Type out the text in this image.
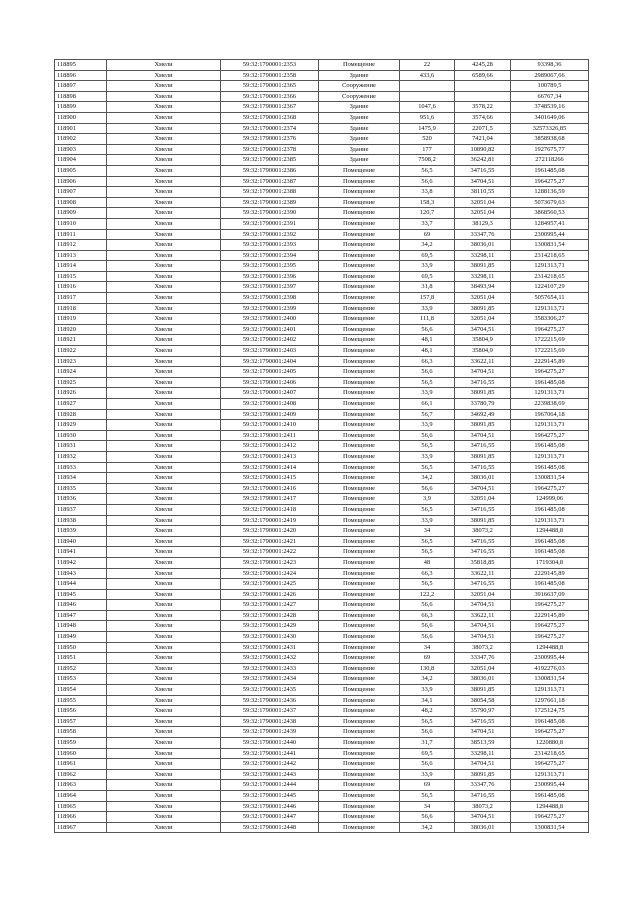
118895	Хмели	59:32:1790001:2353	Помещение	22	4245,28	93398,36
118896	Хмели	59:32:1790001:2358	Здание	433,6	6589,66	2989067,66
118897	Хмели	59:32:1790001:2365	Сооружение			100789,5
118898	Хмели	59:32:1790001:2366	Сооружение			66767,34
118899	Хмели	59:32:1790001:2367	Здание	1047,6	3578,22	3748539,16
118900	Хмели	59:32:1790001:2368	Здание	951,6	3574,66	3401649,06
118901	Хмели	59:32:1790001:2374	Здание	1475,9	22071,5	32573326,85
118902	Хмели	59:32:1790001:2376	Здание	520	7421,04	3858938,68
118903	Хмели	59:32:1790001:2378	Здание	177	10890,82	1927675,77
118904	Хмели	59:32:1790001:2385	Здание	7508,2	36242,81	272118266
118905	Хмели	59:32:1790001:2386	Помещение	56,5	34716,55	1961485,08
118906	Хмели	59:32:1790001:2387	Помещение	56,6	34704,51	1964275,27
118907	Хмели	59:32:1790001:2388	Помещение	33,8	38110,55	1288136,59
118908	Хмели	59:32:1790001:2389	Помещение	158,3	32051,04	5073679,63
118909	Хмели	59:32:1790001:2390	Помещение	120,7	32051,04	3868560,53
118910	Хмели	59:32:1790001:2391	Помещение	33,7	38129,3	1284957,41
118911	Хмели	59:32:1790001:2392	Помещение	69	33347,76	2300995,44
118912	Хмели	59:32:1790001:2393	Помещение	34,2	38036,01	1300831,54
118913	Хмели	59:32:1790001:2394	Помещение	69,5	33298,11	2314218,65
118914	Хмели	59:32:1790001:2395	Помещение	33,9	38091,85	1291313,71
118915	Хмели	59:32:1790001:2396	Помещение	69,5	33298,11	2314218,65
118916	Хмели	59:32:1790001:2397	Помещение	31,8	38493,94	1224107,29
118917	Хмели	59:32:1790001:2398	Помещение	157,8	32051,04	5057654,11
118918	Хмели	59:32:1790001:2399	Помещение	33,9	38091,85	1291313,71
118919	Хмели	59:32:1790001:2400	Помещение	111,8	32051,04	3583306,27
118920	Хмели	59:32:1790001:2401	Помещение	56,6	34704,51	1964275,27
118921	Хмели	59:32:1790001:2402	Помещение	48,1	35804,9	1722215,69
118922	Хмели	59:32:1790001:2403	Помещение	48,1	35804,9	1722215,69
118923	Хмели	59:32:1790001:2404	Помещение	66,3	33622,11	2229145,89
118924	Хмели	59:32:1790001:2405	Помещение	56,6	34704,51	1964275,27
118925	Хмели	59:32:1790001:2406	Помещение	56,5	34716,55	1961485,08
118926	Хмели	59:32:1790001:2407	Помещение	33,9	38091,85	1291313,71
118927	Хмели	59:32:1790001:2408	Помещение	66,1	33780,79	2239838,69
118928	Хмели	59:32:1790001:2409	Помещение	56,7	34692,49	1967064,18
118929	Хмели	59:32:1790001:2410	Помещение	33,9	38091,85	1291313,71
118930	Хмели	59:32:1790001:2411	Помещение	56,6	34704,51	1964275,27
118931	Хмели	59:32:1790001:2412	Помещение	56,5	34716,55	1961485,08
118932	Хмели	59:32:1790001:2413	Помещение	33,9	38091,85	1291313,71
118933	Хмели	59:32:1790001:2414	Помещение	56,5	34716,55	1961485,08
118934	Хмели	59:32:1790001:2415	Помещение	34,2	38036,01	1300831,54
118935	Хмели	59:32:1790001:2416	Помещение	56,6	34704,51	1964275,27
118936	Хмели	59:32:1790001:2417	Помещение	3,9	32051,04	124999,06
118937	Хмели	59:32:1790001:2418	Помещение	56,5	34716,55	1961485,08
118938	Хмели	59:32:1790001:2419	Помещение	33,9	38091,85	1291313,71
118939	Хмели	59:32:1790001:2420	Помещение	34	38073,2	1294488,8
118940	Хмели	59:32:1790001:2421	Помещение	56,5	34716,55	1961485,08
118941	Хмели	59:32:1790001:2422	Помещение	56,5	34716,55	1961485,08
118942	Хмели	59:32:1790001:2423	Помещение	48	35818,85	1719304,8
118943	Хмели	59:32:1790001:2424	Помещение	66,3	33622,11	2229145,89
118944	Хмели	59:32:1790001:2425	Помещение	56,5	34716,55	1961485,08
118945	Хмели	59:32:1790001:2426	Помещение	122,2	32051,04	3916637,09
118946	Хмели	59:32:1790001:2427	Помещение	56,6	34704,51	1964275,27
118947	Хмели	59:32:1790001:2428	Помещение	66,3	33622,11	2229145,89
118948	Хмели	59:32:1790001:2429	Помещение	56,6	34704,51	1964275,27
118949	Хмели	59:32:1790001:2430	Помещение	56,6	34704,51	1964275,27
118950	Хмели	59:32:1790001:2431	Помещение	34	38073,2	1294488,8
118951	Хмели	59:32:1790001:2432	Помещение	69	33347,76	2300995,44
118952	Хмели	59:32:1790001:2433	Помещение	130,8	32051,04	4192276,03
118953	Хмели	59:32:1790001:2434	Помещение	34,2	38036,01	1300831,54
118954	Хмели	59:32:1790001:2435	Помещение	33,9	38091,85	1291313,71
118955	Хмели	59:32:1790001:2436	Помещение	34,1	38054,58	1297661,18
118956	Хмели	59:32:1790001:2437	Помещение	48,2	35790,97	1725124,75
118957	Хмели	59:32:1790001:2438	Помещение	56,5	34716,55	1961485,08
118958	Хмели	59:32:1790001:2439	Помещение	56,6	34704,51	1964275,27
118959	Хмели	59:32:1790001:2440	Помещение	31,7	38513,59	1220880,8
118960	Хмели	59:32:1790001:2441	Помещение	69,5	33298,11	2314218,65
118961	Хмели	59:32:1790001:2442	Помещение	56,6	34704,51	1964275,27
118962	Хмели	59:32:1790001:2443	Помещение	33,9	38091,85	1291313,71
118963	Хмели	59:32:1790001:2444	Помещение	69	33347,76	2300995,44
118964	Хмели	59:32:1790001:2445	Помещение	56,5	34716,55	1961485,08
118965	Хмели	59:32:1790001:2446	Помещение	34	38073,2	1294488,8
118966	Хмели	59:32:1790001:2447	Помещение	56,6	34704,51	1964275,27
118967	Хмели	59:32:1790001:2448	Помещение	34,2	38036,01	1300831,54
